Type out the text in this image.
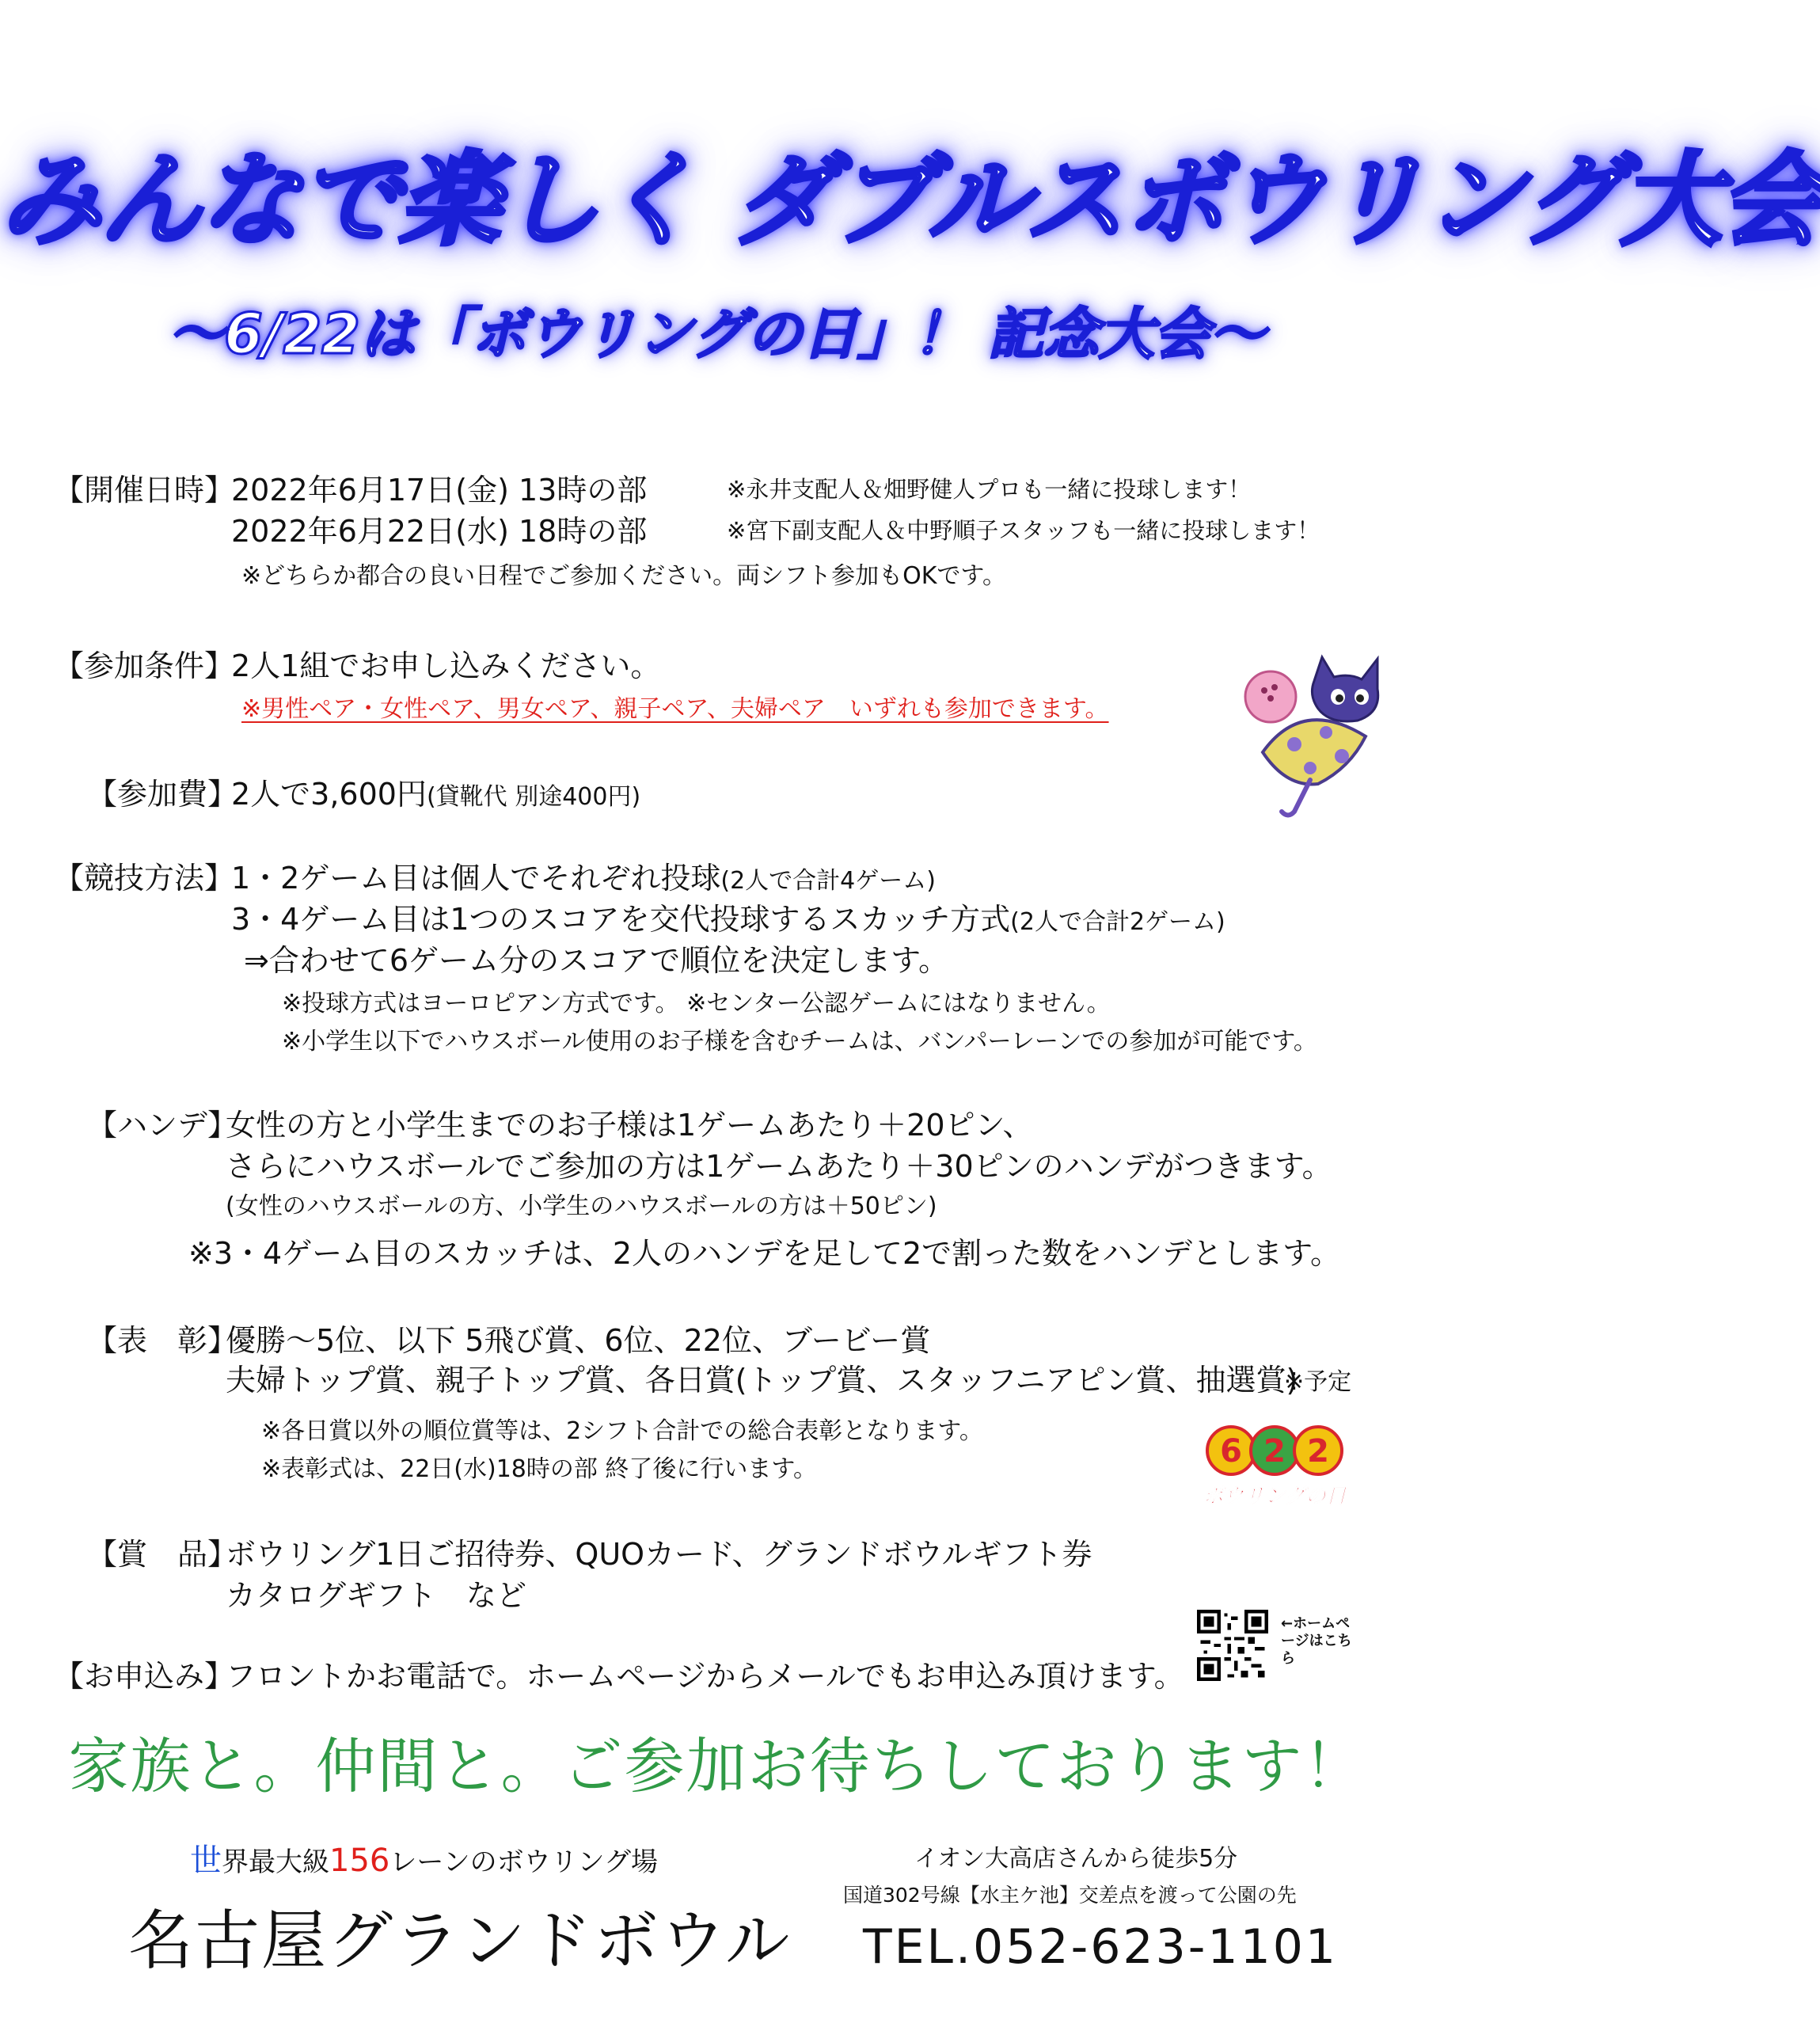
みんなで楽しく ダブルスボウリング大会
〜6/22は「ボウリングの日」！ 記念大会〜
【開催日時】
2022年6月17日(金) 13時の部	※永井支配人＆畑野健人プロも一緒に投球します！
2022年6月22日(水) 18時の部	※宮下副支配人＆中野順子スタッフも一緒に投球します！
※どちらか都合の良い日程でご参加ください。両シフト参加もOKです。
【参加条件】
2人1組でお申し込みください。
※男性ペア・女性ペア、男女ペア、親子ペア、夫婦ペア　いずれも参加できます。
【参加費】
2人で3,600円(貸靴代 別途400円)
【競技方法】
1・2ゲーム目は個人でそれぞれ投球(2人で合計4ゲーム)
3・4ゲーム目は1つのスコアを交代投球するスカッチ方式(2人で合計2ゲーム)
⇒合わせて6ゲーム分のスコアで順位を決定します。
※投球方式はヨーロピアン方式です。 ※センター公認ゲームにはなりません。
※小学生以下でハウスボール使用のお子様を含むチームは、バンパーレーンでの参加が可能です。
【ハンデ】
女性の方と小学生までのお子様は1ゲームあたり＋20ピン、
さらにハウスボールでご参加の方は1ゲームあたり＋30ピンのハンデがつきます。
(女性のハウスボールの方、小学生のハウスボールの方は＋50ピン)
※3・4ゲーム目のスカッチは、2人のハンデを足して2で割った数をハンデとします。
【表　彰】
優勝〜5位、以下 5飛び賞、6位、22位、ブービー賞
夫婦トップ賞、親子トップ賞、各日賞(トップ賞、スタッフニアピン賞、抽選賞)
※予定
※各日賞以外の順位賞等は、2シフト合計での総合表彰となります。
※表彰式は、22日(水)18時の部 終了後に行います。	6 2 2
ボウリングの日
【賞　品】
ボウリング1日ご招待券、QUOカード、グランドボウルギフト券
カタログギフト　など
【お申込み】
フロントかお電話で。ホームページからメールでもお申込み頂けます。
←ホームページはこちら
家族と。仲間と。ご参加お待ちしております！
世界最大級156レーンのボウリング場
名古屋グランドボウル
イオン大高店さんから徒歩5分
国道302号線【水主ケ池】交差点を渡って公園の先
TEL.052-623-1101
